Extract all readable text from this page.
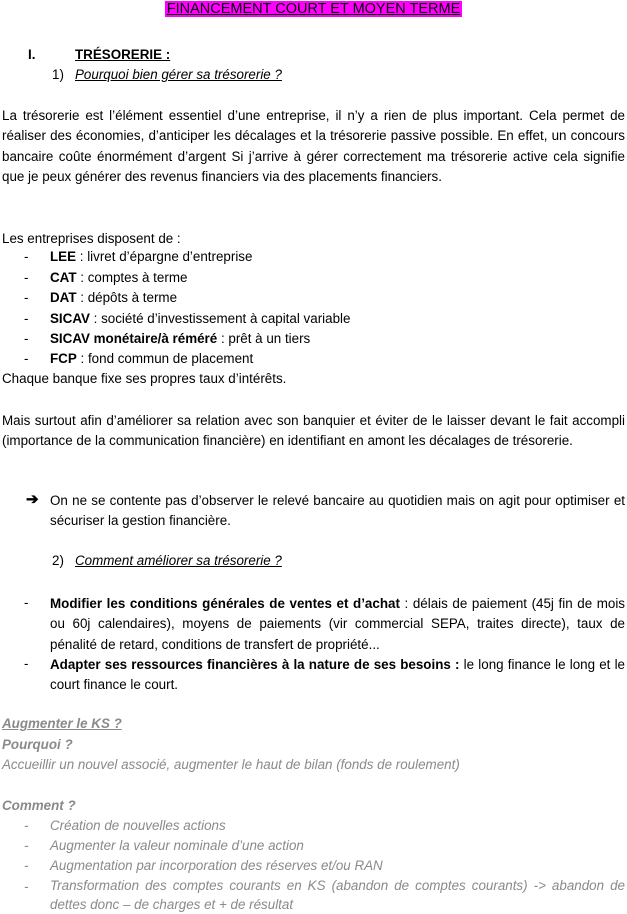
FINANCEMENT COURT ET MOYEN TERME
I.	TRÉSORERIE :
1) Pourquoi bien gérer sa trésorerie ?
La trésorerie est l’élément essentiel d’une entreprise, il n’y a rien de plus important. Cela permet de réaliser des économies, d’anticiper les décalages et la trésorerie passive possible. En effet, un concours bancaire coûte énormément d’argent Si j’arrive à gérer correctement ma trésorerie active cela signifie que je peux générer des revenus financiers via des placements financiers.
Les entreprises disposent de :
- LEE : livret d’épargne d’entreprise
- CAT : comptes à terme
- DAT : dépôts à terme
- SICAV : société d’investissement à capital variable
- SICAV monétaire/à réméré : prêt à un tiers
- FCP : fond commun de placement
Chaque banque fixe ses propres taux d’intérêts.
Mais surtout afin d’améliorer sa relation avec son banquier et éviter de le laisser devant le fait accompli (importance de la communication financière) en identifiant en amont les décalages de trésorerie.
➔ On ne se contente pas d’observer le relevé bancaire au quotidien mais on agit pour optimiser et sécuriser la gestion financière.
2) Comment améliorer sa trésorerie ?
- Modifier les conditions générales de ventes et d’achat : délais de paiement (45j fin de mois ou 60j calendaires), moyens de paiements (vir commercial SEPA, traites directe), taux de pénalité de retard, conditions de transfert de propriété...
- Adapter ses ressources financières à la nature de ses besoins : le long finance le long et le court finance le court.
Augmenter le KS ?
Pourquoi ?
Accueillir un nouvel associé, augmenter le haut de bilan (fonds de roulement)
Comment ?
- Création de nouvelles actions
- Augmenter la valeur nominale d’une action
- Augmentation par incorporation des réserves et/ou RAN
- Transformation des comptes courants en KS (abandon de comptes courants) -> abandon de dettes donc – de charges et + de résultat
